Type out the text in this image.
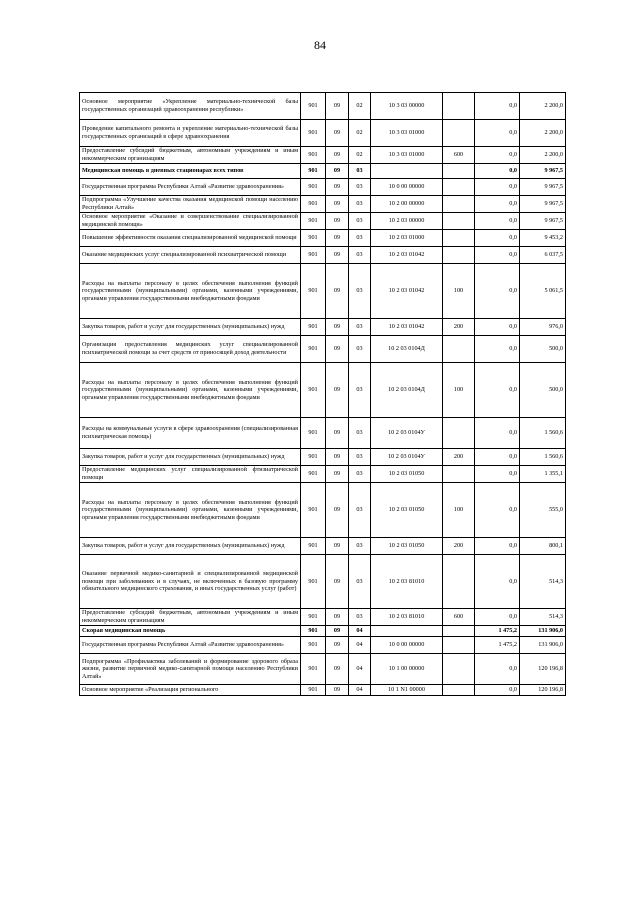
84
Основное мероприятие «Укрепление материально-технической базы государственных организаций здравоохранения республики»	901	09	02	10 3 03 00000		0,0	2 200,0
Проведение капитального ремонта и укрепление материально-технической базы государственных организаций в сфере здравоохранения	901	09	02	10 3 03 01000		0,0	2 200,0
Предоставление субсидий бюджетным, автономным учреждениям и иным некоммерческим организациям	901	09	02	10 3 03 01000	600	0,0	2 200,0
Медицинская помощь в дневных стационарах всех типов	901	09	03			0,0	9 967,5
Государственная программа Республики Алтай «Развитие здравоохранения»	901	09	03	10 0 00 00000		0,0	9 967,5
Подпрограмма «Улучшение качества оказания медицинской помощи населению Республики Алтай»	901	09	03	10 2 00 00000		0,0	9 967,5
Основное мероприятие «Оказание и совершенствование специализированной медицинской помощи»	901	09	03	10 2 03 00000		0,0	9 967,5
Повышение эффективности оказания специализированной медицинской помощи	901	09	03	10 2 03 01000		0,0	9 453,2
Оказание медицинских услуг специализированной психиатрической помощи	901	09	03	10 2 03 01042		0,0	6 037,5
Расходы на выплаты персоналу в целях обеспечения выполнения функций государственными (муниципальными) органами, казенными учреждениями, органами управления государственными внебюджетными фондами	901	09	03	10 2 03 01042	100	0,0	5 061,5
Закупка товаров, работ и услуг для государственных (муниципальных) нужд	901	09	03	10 2 03 01042	200	0,0	976,0
Организация предоставления медицинских услуг специализированной психиатрической помощи за счет средств от приносящей доход деятельности	901	09	03	10 2 03 0104Д		0,0	500,0
Расходы на выплаты персоналу в целях обеспечения выполнения функций государственными (муниципальными) органами, казенными учреждениями, органами управления государственными внебюджетными фондами	901	09	03	10 2 03 0104Д	100	0,0	500,0
Расходы на коммунальные услуги в сфере здравоохранения (специализированная психиатрическая помощь)	901	09	03	10 2 03 0104У		0,0	1 560,6
Закупка товаров, работ и услуг для государственных (муниципальных) нужд	901	09	03	10 2 03 0104У	200	0,0	1 560,6
Предоставление медицинских услуг специализированной фтизиатрической помощи	901	09	03	10 2 03 01050		0,0	1 355,1
Расходы на выплаты персоналу в целях обеспечения выполнения функций государственными (муниципальными) органами, казенными учреждениями, органами управления государственными внебюджетными фондами	901	09	03	10 2 03 01050	100	0,0	555,0
Закупка товаров, работ и услуг для государственных (муниципальных) нужд	901	09	03	10 2 03 01050	200	0,0	800,1
Оказание первичной медико-санитарной и специализированной медицинской помощи при заболеваниях и в случаях, не включенных в базовую программу обязательного медицинского страхования, и иных государственных услуг (работ)	901	09	03	10 2 03 81010		0,0	514,3
Предоставление субсидий бюджетным, автономным учреждениям и иным некоммерческим организациям	901	09	03	10 2 03 81010	600	0,0	514,3
Скорая медицинская помощь	901	09	04			1 475,2	131 906,0
Государственная программа Республики Алтай «Развитие здравоохранения»	901	09	04	10 0 00 00000		1 475,2	131 906,0
Подпрограмма «Профилактика заболеваний и формирование здорового образа жизни, развитие первичной медико-санитарной помощи населению Республики Алтай»	901	09	04	10 1 00 00000		0,0	120 196,8
Основное мероприятие «Реализация регионального	901	09	04	10 1 N1 00000		0,0	120 196,8
